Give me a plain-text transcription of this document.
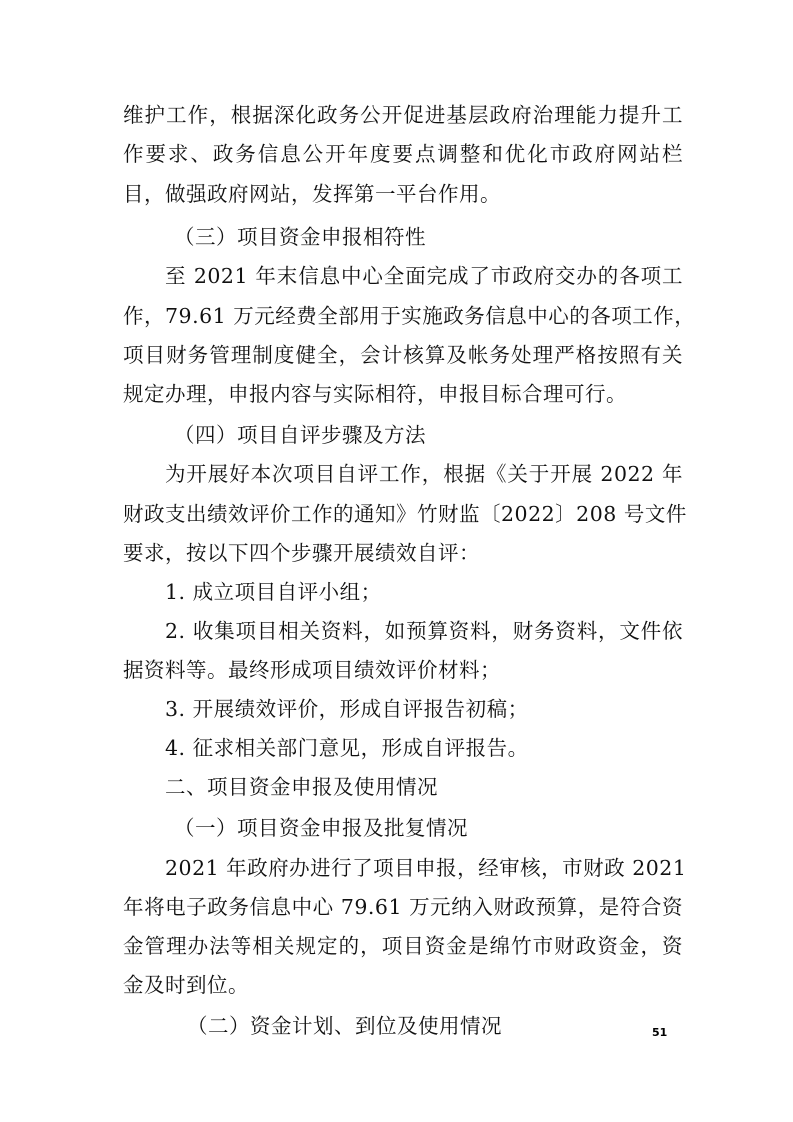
维护工作，根据深化政务公开促进基层政府治理能力提升工
作要求、政务信息公开年度要点调整和优化市政府网站栏
目，做强政府网站，发挥第一平台作用。
（三）项目资金申报相符性
至 2021 年末信息中心全面完成了市政府交办的各项工
作，79.61 万元经费全部用于实施政务信息中心的各项工作，
项目财务管理制度健全，会计核算及帐务处理严格按照有关
规定办理，申报内容与实际相符，申报目标合理可行。
（四）项目自评步骤及方法
为开展好本次项目自评工作，根据《关于开展 2022 年
财政支出绩效评价工作的通知》竹财监〔2022〕208 号文件
要求，按以下四个步骤开展绩效自评：
1. 成立项目自评小组；
2. 收集项目相关资料，如预算资料，财务资料，文件依
据资料等。最终形成项目绩效评价材料；
3. 开展绩效评价，形成自评报告初稿；
4. 征求相关部门意见，形成自评报告。
二、项目资金申报及使用情况
（一）项目资金申报及批复情况
2021 年政府办进行了项目申报，经审核，市财政 2021
年将电子政务信息中心 79.61 万元纳入财政预算，是符合资
金管理办法等相关规定的，项目资金是绵竹市财政资金，资
金及时到位。
（二）资金计划、到位及使用情况	51
